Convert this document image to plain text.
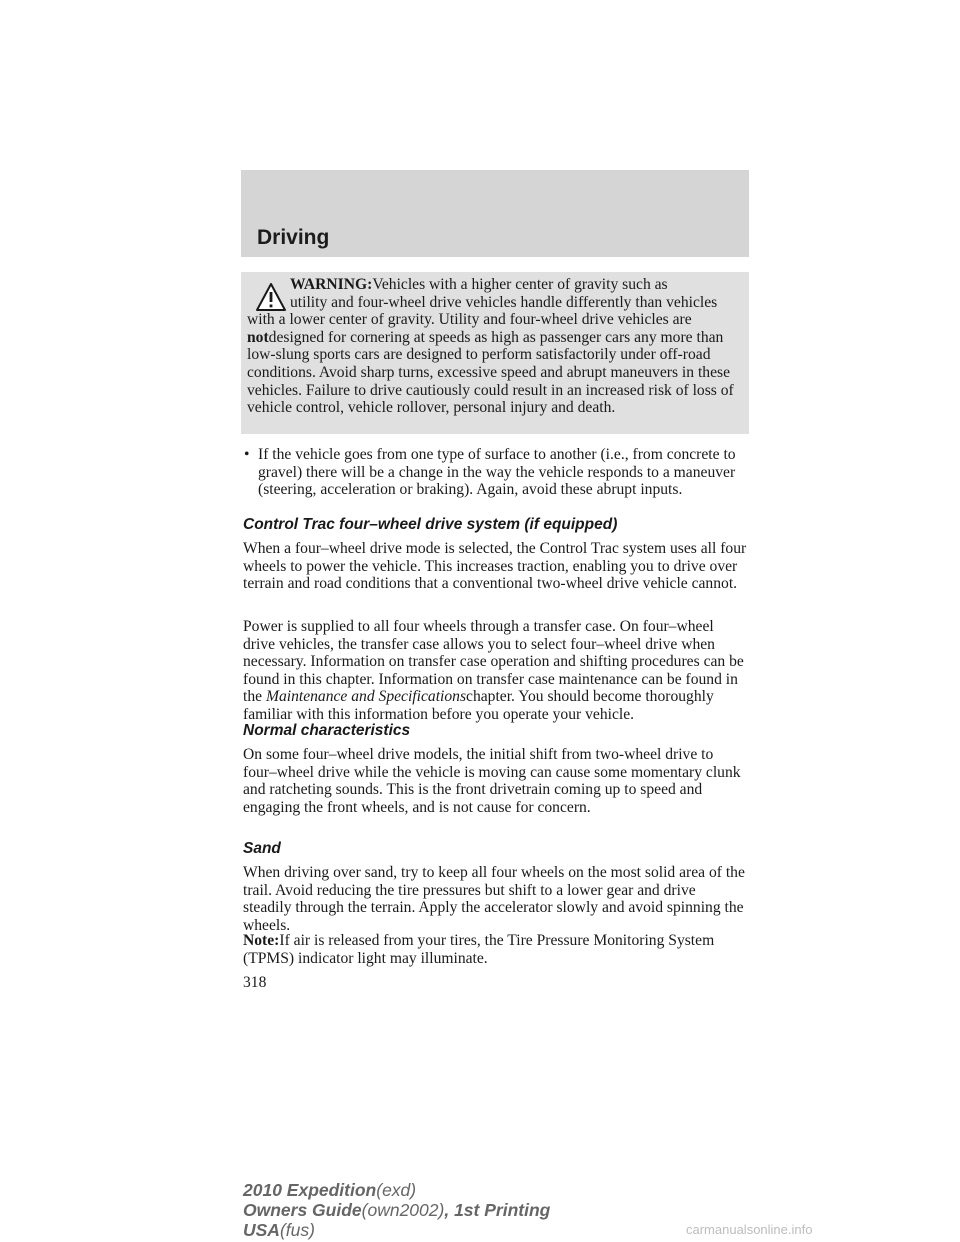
Driving

WARNING:Vehicles with a higher center of gravity such as
utility and four-wheel drive vehicles handle differently than vehicles with a lower center of gravity. Utility and four-wheel drive vehicles are notdesigned for cornering at speeds as high as passenger cars any more than low-slung sports cars are designed to perform satisfactorily under off-road conditions. Avoid sharp turns, excessive speed and abrupt maneuvers in these vehicles. Failure to drive cautiously could result in an increased risk of loss of vehicle control, vehicle rollover, personal injury and death.

• If the vehicle goes from one type of surface to another (i.e., from concrete to gravel) there will be a change in the way the vehicle responds to a maneuver (steering, acceleration or braking). Again, avoid these abrupt inputs.
Control Trac four–wheel drive system (if equipped)

When a four–wheel drive mode is selected, the Control Trac system uses all four wheels to power the vehicle. This increases traction, enabling you to drive over terrain and road conditions that a conventional two-wheel drive vehicle cannot.

Power is supplied to all four wheels through a transfer case. On four–wheel drive vehicles, the transfer case allows you to select four–wheel drive when necessary. Information on transfer case operation and shifting procedures can be found in this chapter. Information on transfer case maintenance can be found in the Maintenance and Specificationschapter. You should become thoroughly familiar with this information before you operate your vehicle.

Normal characteristics

On some four–wheel drive models, the initial shift from two-wheel drive to four–wheel drive while the vehicle is moving can cause some momentary clunk and ratcheting sounds. This is the front drivetrain coming up to speed and engaging the front wheels, and is not cause for concern.

Sand

When driving over sand, try to keep all four wheels on the most solid area of the trail. Avoid reducing the tire pressures but shift to a lower gear and drive steadily through the terrain. Apply the accelerator slowly and avoid spinning the wheels.

Note:If air is released from your tires, the Tire Pressure Monitoring System (TPMS) indicator light may illuminate.

318

2010 Expedition(exd)
Owners Guide(own2002), 1st Printing
USA(fus)	carmanualsonline.info
